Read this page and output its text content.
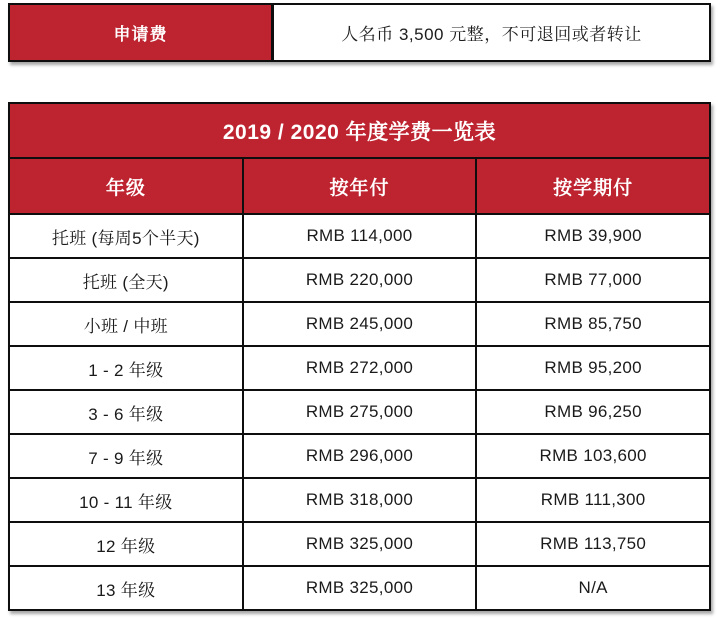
申请费	人名币 3,500 元整，不可退回或者转让
2019 / 2020 年度学费一览表		
年级	按年付	按学期付
托班 (每周5个半天)	RMB 114,000	RMB 39,900
托班 (全天)	RMB 220,000	RMB 77,000
小班 / 中班	RMB 245,000	RMB 85,750
1 - 2 年级	RMB 272,000	RMB 95,200
3 - 6 年级	RMB 275,000	RMB 96,250
7 - 9 年级	RMB 296,000	RMB 103,600
10 - 11 年级	RMB 318,000	RMB 111,300
12 年级	RMB 325,000	RMB 113,750
13 年级	RMB 325,000	N/A
